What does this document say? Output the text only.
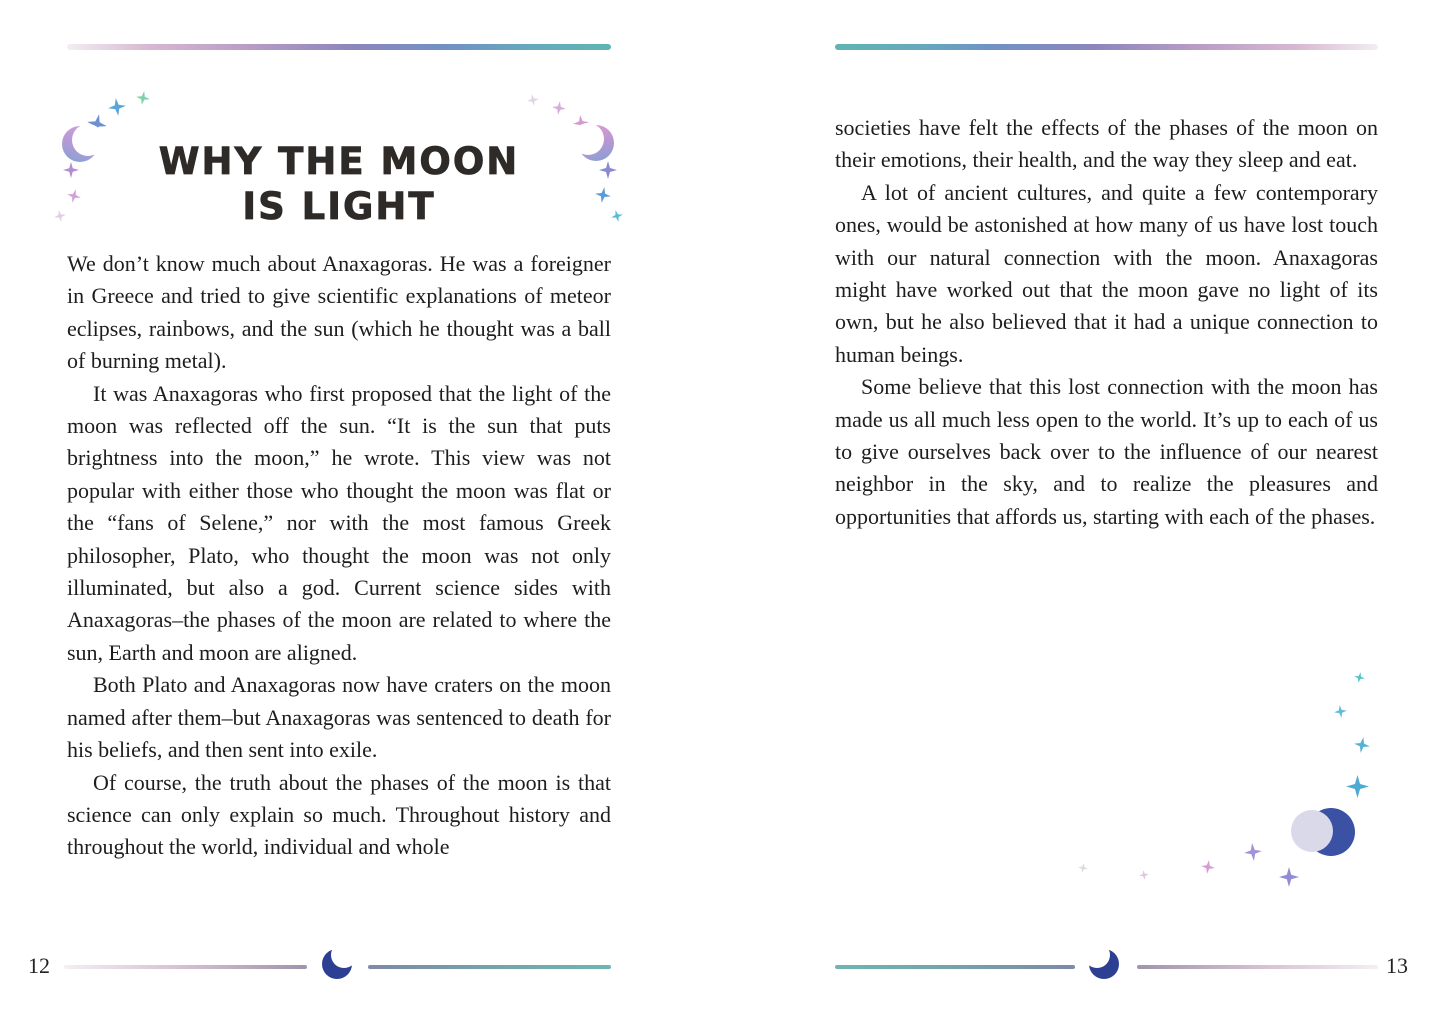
WHY THE MOON
IS LIGHT

We don’t know much about Anaxagoras. He was a foreigner in Greece and tried to give scientific explanations of meteor eclipses, rainbows, and the sun (which he thought was a ball of burning metal).

It was Anaxagoras who first proposed that the light of the moon was reflected off the sun. “It is the sun that puts brightness into the moon,” he wrote. This view was not popular with either those who thought the moon was flat or the “fans of Selene,” nor with the most famous Greek philosopher, Plato, who thought the moon was not only illuminated, but also a god. Current science sides with Anaxagoras–the phases of the moon are related to where the sun, Earth and moon are aligned.

Both Plato and Anaxagoras now have craters on the moon named after them–but Anaxagoras was sentenced to death for his beliefs, and then sent into exile.

Of course, the truth about the phases of the moon is that science can only explain so much. Throughout history and throughout the world, individual and whole

12

societies have felt the effects of the phases of the moon on their emotions, their health, and the way they sleep and eat.

A lot of ancient cultures, and quite a few contemporary ones, would be astonished at how many of us have lost touch with our natural connection with the moon. Anaxagoras might have worked out that the moon gave no light of its own, but he also believed that it had a unique connection to human beings.

Some believe that this lost connection with the moon has made us all much less open to the world. It’s up to each of us to give ourselves back over to the influence of our nearest neighbor in the sky, and to realize the pleasures and opportunities that affords us, starting with each of the phases.

13
